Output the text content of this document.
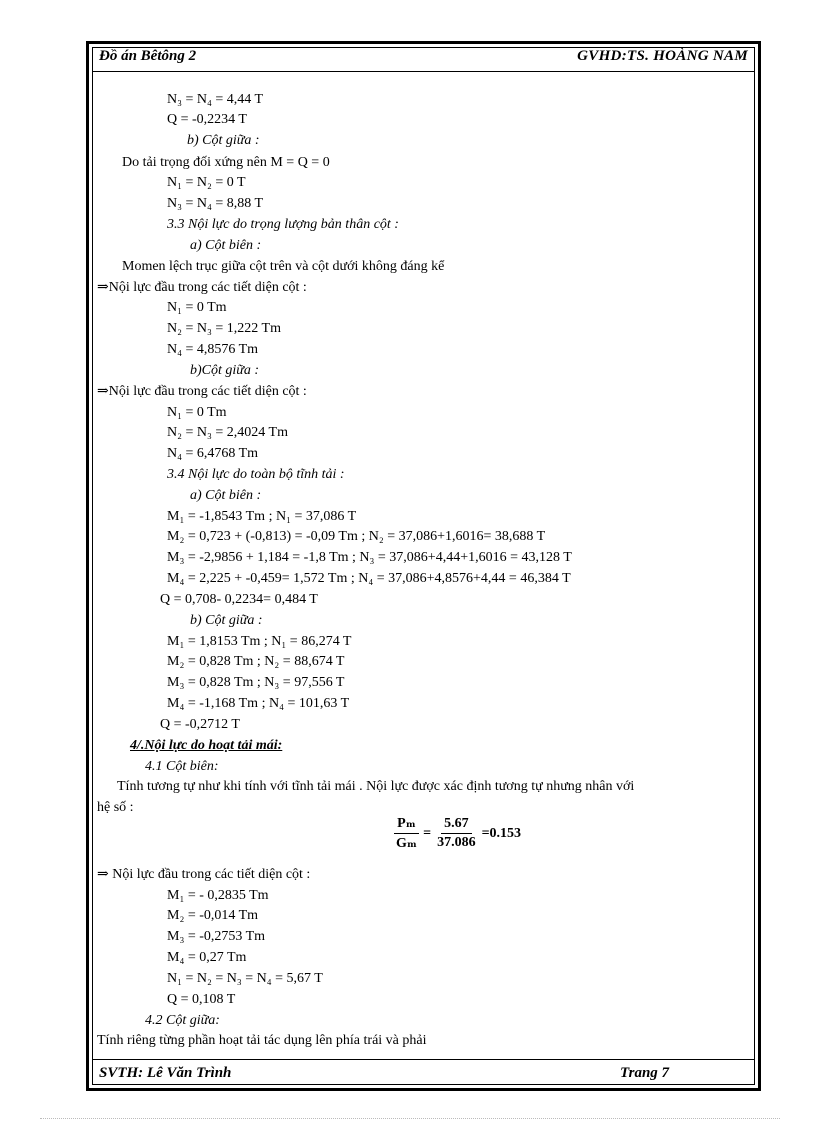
Đồ án Bêtông 2	GVHD:TS. HOÀNG NAM
N₃ = N₄ = 4,44 T
Q = -0,2234 T
b) Cột giữa :
Do tải trọng đối xứng nên M = Q = 0
N₁ = N₂ = 0 T
N₃ = N₄ = 8,88 T
3.3 Nội lực do trọng lượng bản thân cột :
a) Cột biên :
Momen lệch trục giữa cột trên và cột dưới không đáng kể
⇒Nội lực đầu trong các tiết diện cột :
N₁ = 0 Tm
N₂ = N₃ = 1,222 Tm
N₄ = 4,8576 Tm
b)Cột giữa :
⇒Nội lực đầu trong các tiết diện cột :
N₁ = 0 Tm
N₂ = N₃ = 2,4024 Tm
N₄ = 6,4768 Tm
3.4 Nội lực do toàn bộ tĩnh tải :
a) Cột biên :
M₁ = -1,8543 Tm ; N₁ = 37,086 T
M₂ = 0,723 + (-0,813) = -0,09 Tm ; N₂ = 37,086+1,6016= 38,688 T
M₃ = -2,9856 + 1,184 = -1,8 Tm ; N₃ = 37,086+4,44+1,6016 = 43,128 T
M₄ = 2,225 + -0,459= 1,572 Tm ; N₄ = 37,086+4,8576+4,44 = 46,384 T
Q = 0,708- 0,2234= 0,484 T
b) Cột giữa :
M₁ = 1,8153 Tm ; N₁ = 86,274 T
M₂ = 0,828 Tm ; N₂ = 88,674 T
M₃ = 0,828 Tm ; N₃ = 97,556 T
M₄ = -1,168 Tm ; N₄ = 101,63 T
Q = -0,2712 T
4/.Nội lực do hoạt tải mái:
4.1 Cột biên:
Tính tương tự như khi tính với tĩnh tải mái . Nội lực được xác định tương tự nhưng nhân với
hệ số :
$\frac{\text{Pₘ}}{\text{Gₘ}} = \frac{5.67}{37.086} =0.153$
⇒ Nội lực đầu trong các tiết diện cột :
M₁ = - 0,2835 Tm
M₂ = -0,014 Tm
M₃ = -0,2753 Tm
M₄ = 0,27 Tm
N₁ = N₂ = N₃ = N₄ = 5,67 T
Q = 0,108 T
4.2 Cột giữa:
Tính riêng từng phần hoạt tải tác dụng lên phía trái và phải
SVTH: Lê Văn Trình	Trang 7
